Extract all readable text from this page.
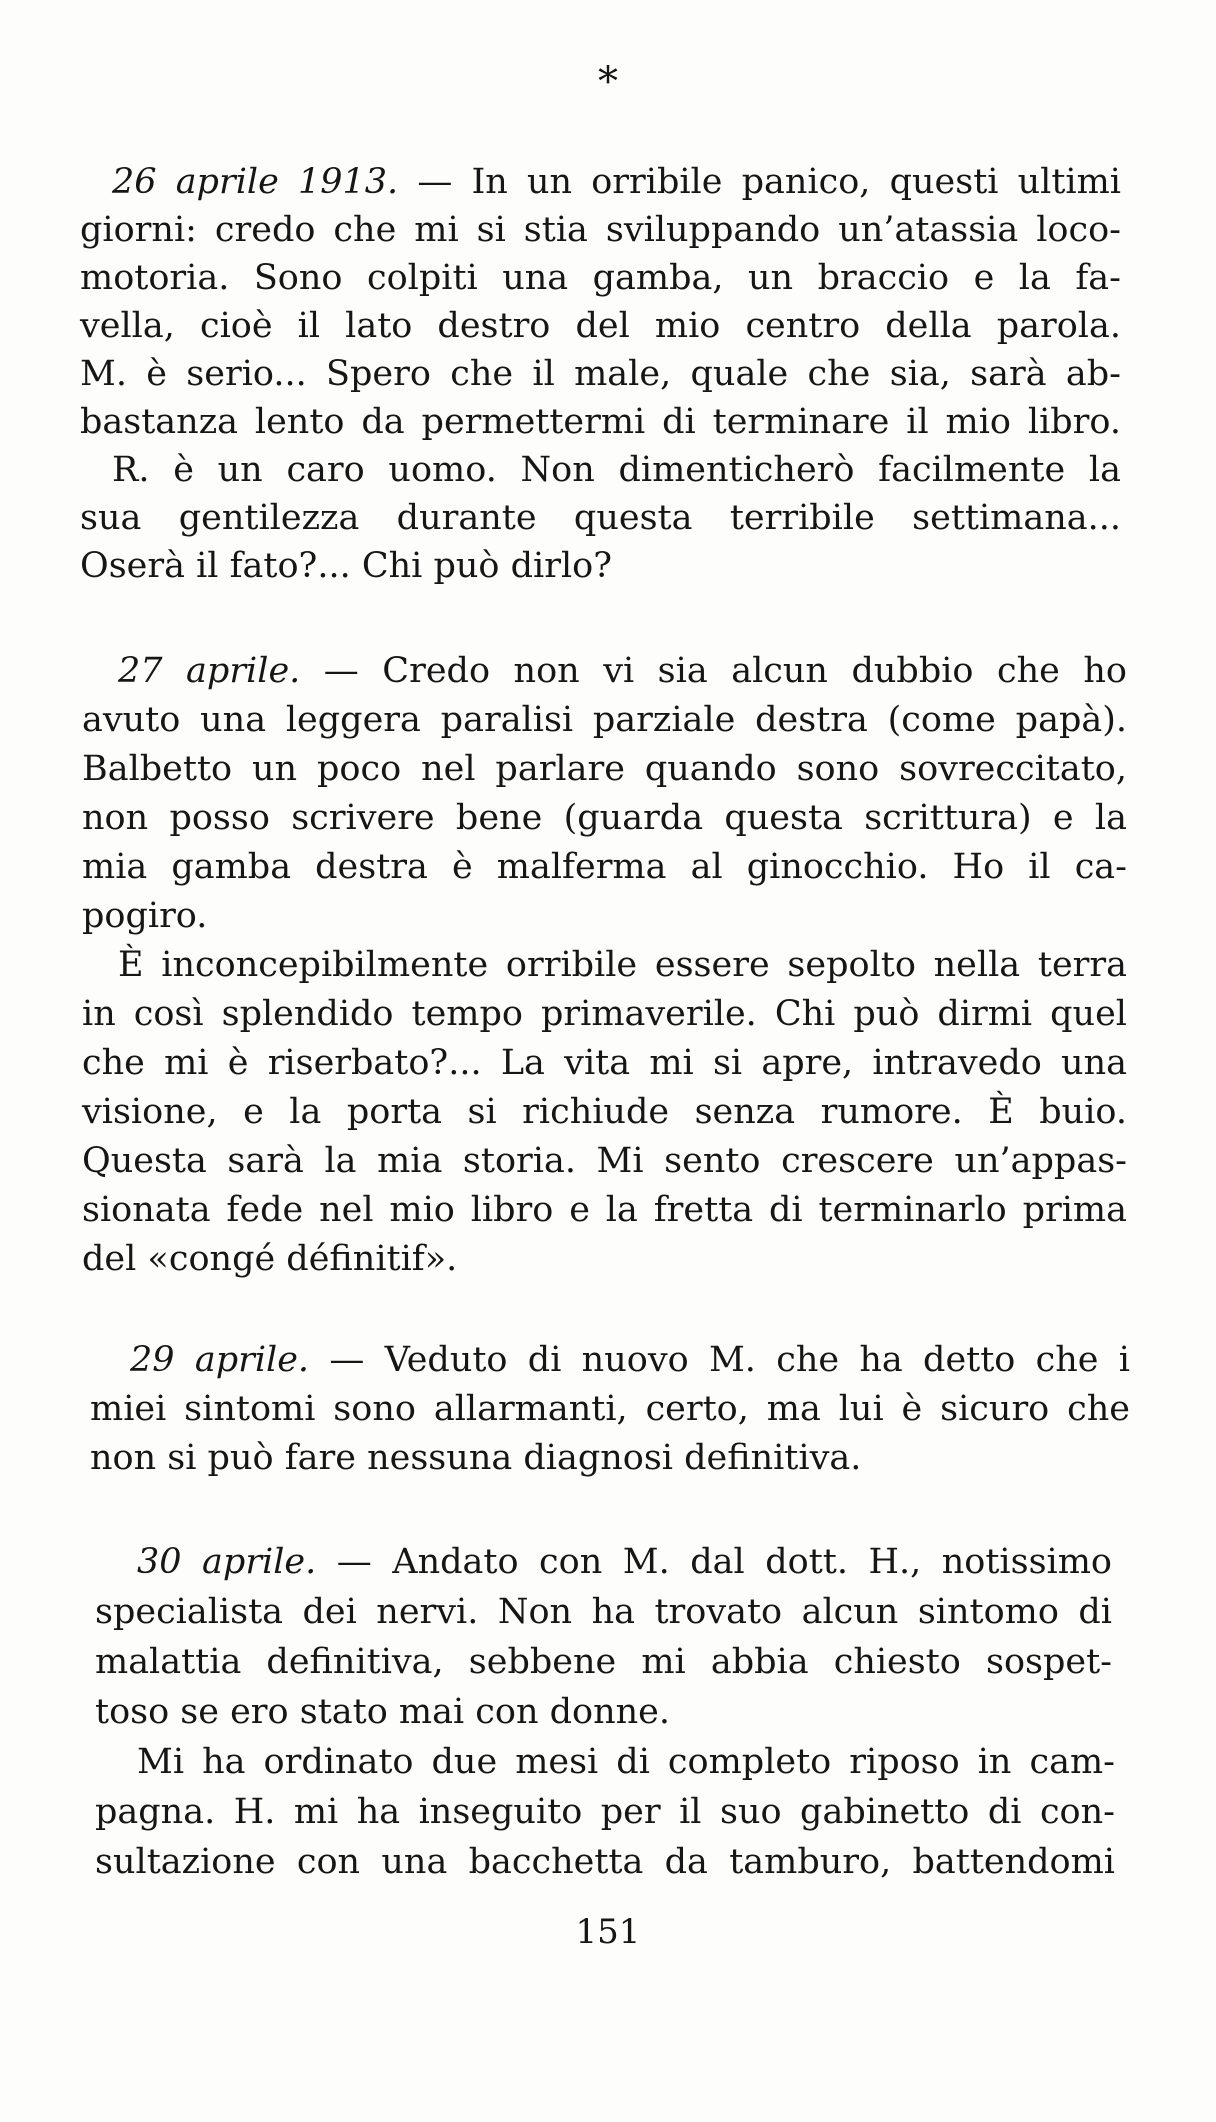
*
26 aprile 1913. — In un orribile panico, questi ultimi
giorni: credo che mi si stia sviluppando un’atassia loco-
motoria. Sono colpiti una gamba, un braccio e la fa-
vella, cioè il lato destro del mio centro della parola.
M. è serio... Spero che il male, quale che sia, sarà ab-
bastanza lento da permettermi di terminare il mio libro.
R. è un caro uomo. Non dimenticherò facilmente la
sua gentilezza durante questa terribile settimana...
Oserà il fato?... Chi può dirlo?
27 aprile. — Credo non vi sia alcun dubbio che ho
avuto una leggera paralisi parziale destra (come papà).
Balbetto un poco nel parlare quando sono sovreccitato,
non posso scrivere bene (guarda questa scrittura) e la
mia gamba destra è malferma al ginocchio. Ho il ca-
pogiro.
È inconcepibilmente orribile essere sepolto nella terra
in così splendido tempo primaverile. Chi può dirmi quel
che mi è riserbato?... La vita mi si apre, intravedo una
visione, e la porta si richiude senza rumore. È buio.
Questa sarà la mia storia. Mi sento crescere un’appas-
sionata fede nel mio libro e la fretta di terminarlo prima
del «congé définitif».
29 aprile. — Veduto di nuovo M. che ha detto che i
miei sintomi sono allarmanti, certo, ma lui è sicuro che
non si può fare nessuna diagnosi definitiva.
30 aprile. — Andato con M. dal dott. H., notissimo
specialista dei nervi. Non ha trovato alcun sintomo di
malattia definitiva, sebbene mi abbia chiesto sospet-
toso se ero stato mai con donne.
Mi ha ordinato due mesi di completo riposo in cam-
pagna. H. mi ha inseguito per il suo gabinetto di con-
sultazione con una bacchetta da tamburo, battendomi
151
